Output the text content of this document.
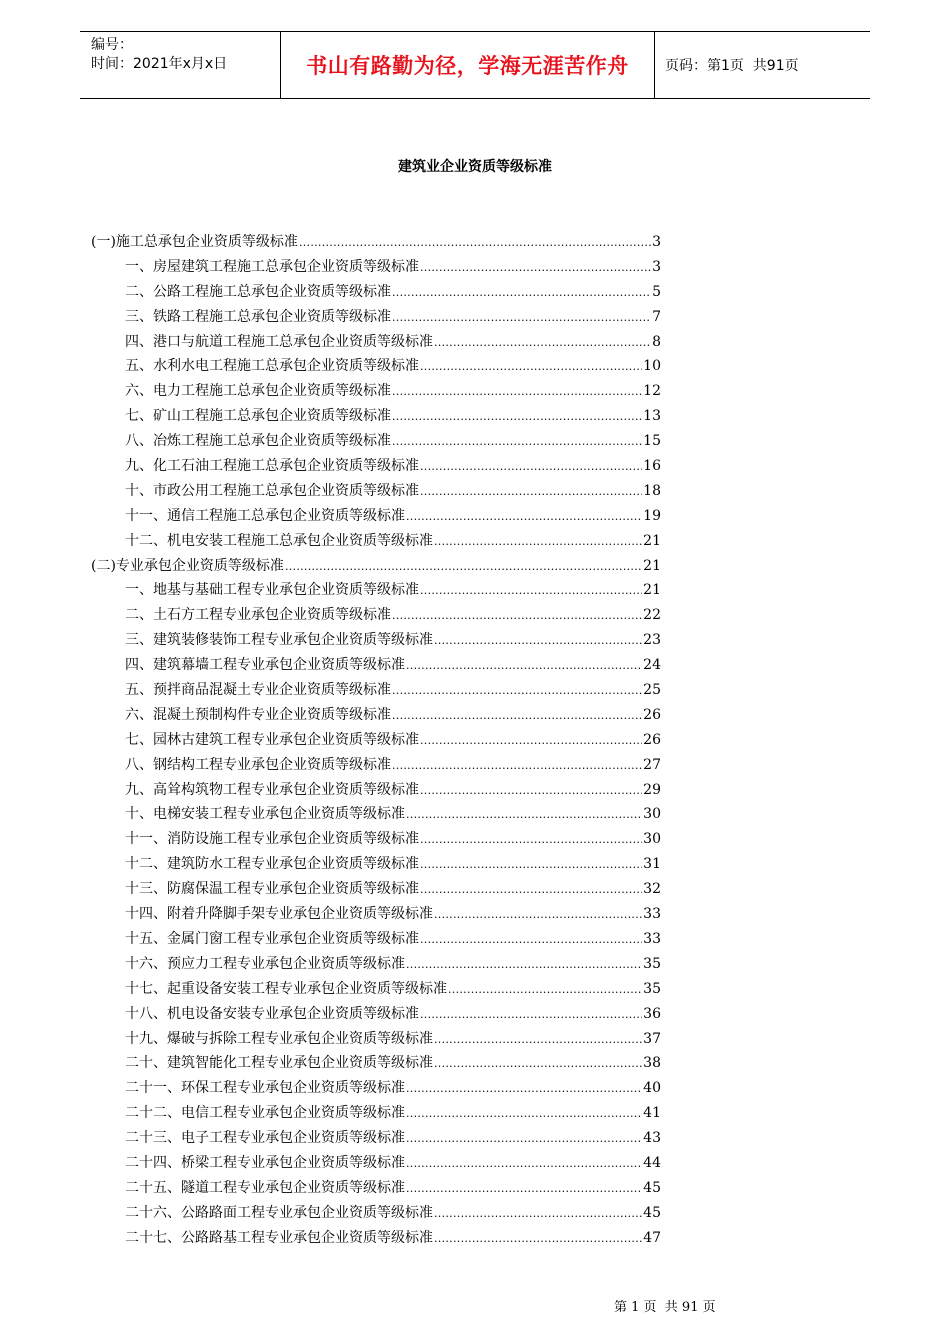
编号：
时间：2021年x月x日	书山有路勤为径，学海无涯苦作舟	页码：第1页  共91页
建筑业企业资质等级标准
(一)施工总承包企业资质等级标准 .....	3
一、房屋建筑工程施工总承包企业资质等级标准 .....	3
二、公路工程施工总承包企业资质等级标准 .....	5
三、铁路工程施工总承包企业资质等级标准 .....	7
四、港口与航道工程施工总承包企业资质等级标准 .....	8
五、水利水电工程施工总承包企业资质等级标准 .....	10
六、电力工程施工总承包企业资质等级标准 .....	12
七、矿山工程施工总承包企业资质等级标准 .....	13
八、冶炼工程施工总承包企业资质等级标准 .....	15
九、化工石油工程施工总承包企业资质等级标准 .....	16
十、市政公用工程施工总承包企业资质等级标准 .....	18
十一、通信工程施工总承包企业资质等级标准 .....	19
十二、机电安装工程施工总承包企业资质等级标准 .....	21
(二)专业承包企业资质等级标准 .....	21
一、地基与基础工程专业承包企业资质等级标准 .....	21
二、土石方工程专业承包企业资质等级标准 .....	22
三、建筑装修装饰工程专业承包企业资质等级标准 .....	23
四、建筑幕墙工程专业承包企业资质等级标准 .....	24
五、预拌商品混凝土专业企业资质等级标准 .....	25
六、混凝土预制构件专业企业资质等级标准 .....	26
七、园林古建筑工程专业承包企业资质等级标准 .....	26
八、钢结构工程专业承包企业资质等级标准 .....	27
九、高耸构筑物工程专业承包企业资质等级标准 .....	29
十、电梯安装工程专业承包企业资质等级标准 .....	30
十一、消防设施工程专业承包企业资质等级标准 .....	30
十二、建筑防水工程专业承包企业资质等级标准 .....	31
十三、防腐保温工程专业承包企业资质等级标准 .....	32
十四、附着升降脚手架专业承包企业资质等级标准 .....	33
十五、金属门窗工程专业承包企业资质等级标准 .....	33
十六、预应力工程专业承包企业资质等级标准 .....	35
十七、起重设备安装工程专业承包企业资质等级标准 .....	35
十八、机电设备安装专业承包企业资质等级标准 .....	36
十九、爆破与拆除工程专业承包企业资质等级标准 .....	37
二十、建筑智能化工程专业承包企业资质等级标准 .....	38
二十一、环保工程专业承包企业资质等级标准 .....	40
二十二、电信工程专业承包企业资质等级标准 .....	41
二十三、电子工程专业承包企业资质等级标准 .....	43
二十四、桥梁工程专业承包企业资质等级标准 .....	44
二十五、隧道工程专业承包企业资质等级标准 .....	45
二十六、公路路面工程专业承包企业资质等级标准 .....	45
二十七、公路路基工程专业承包企业资质等级标准 .....	47
第 1 页  共 91 页
